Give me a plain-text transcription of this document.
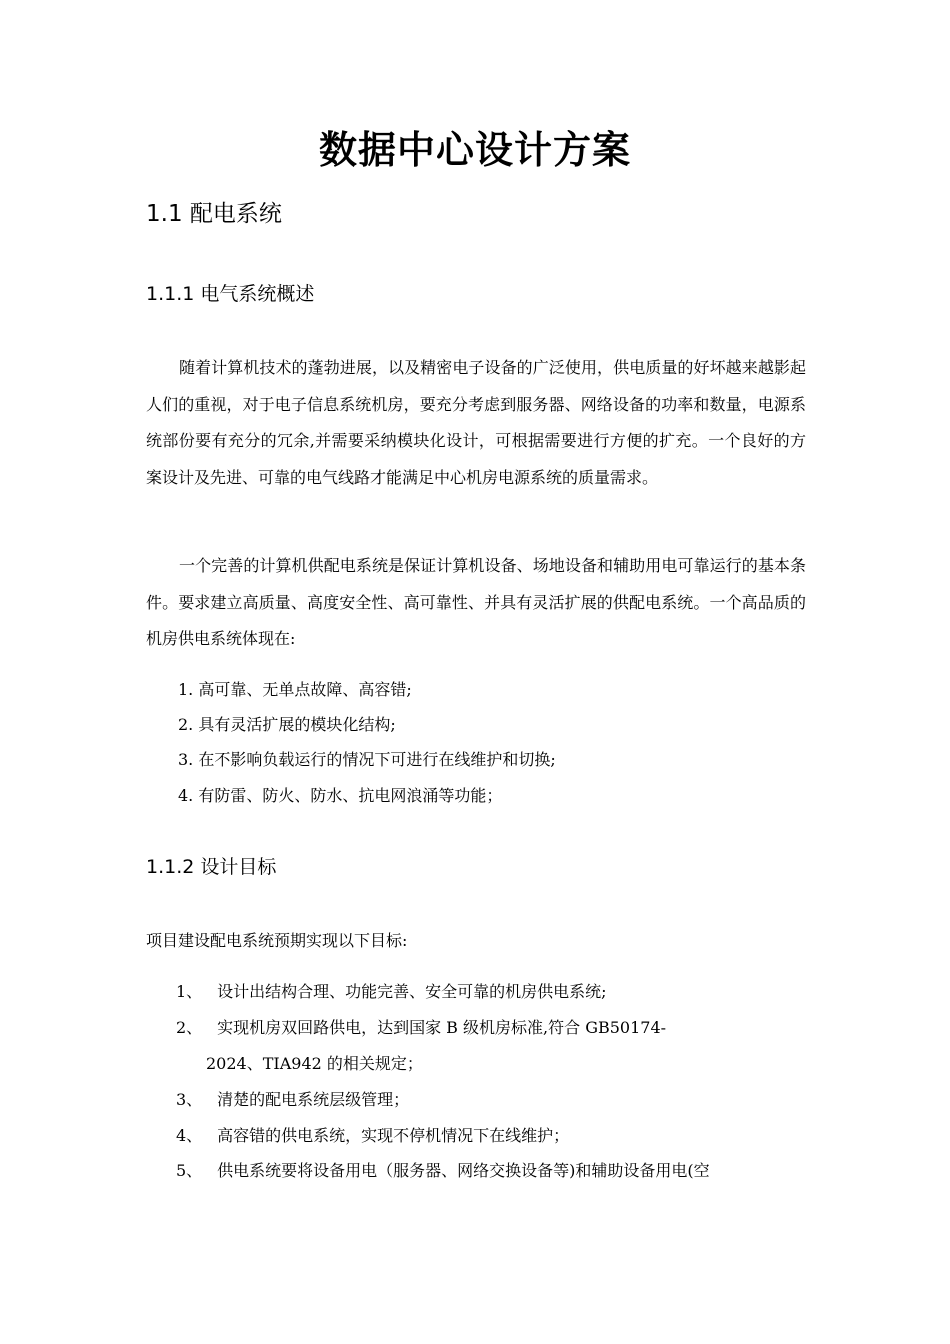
数据中心设计方案
1.1 配电系统
1.1.1 电气系统概述

随着计算机技术的蓬勃进展，以及精密电子设备的广泛使用，供电质量的好坏越来越影起人们的重视，对于电子信息系统机房，要充分考虑到服务器、网络设备的功率和数量，电源系统部份要有充分的冗余,并需要采纳模块化设计，可根据需要进行方便的扩充。一个良好的方案设计及先进、可靠的电气线路才能满足中心机房电源系统的质量需求。

一个完善的计算机供配电系统是保证计算机设备、场地设备和辅助用电可靠运行的基本条件。要求建立高质量、高度安全性、高可靠性、并具有灵活扩展的供配电系统。一个高品质的机房供电系统体现在:

1. 高可靠、无单点故障、高容错;
2. 具有灵活扩展的模块化结构;
3. 在不影响负载运行的情况下可进行在线维护和切换;
4. 有防雷、防火、防水、抗电网浪涌等功能；
1.1.2 设计目标
项目建设配电系统预期实现以下目标:
1、 设计出结构合理、功能完善、安全可靠的机房供电系统;
2、 实现机房双回路供电，达到国家 B 级机房标准,符合 GB50174-
2024、TIA942 的相关规定；
3、 清楚的配电系统层级管理；
4、 高容错的供电系统，实现不停机情况下在线维护；
5、 供电系统要将设备用电（服务器、网络交换设备等)和辅助设备用电(空
